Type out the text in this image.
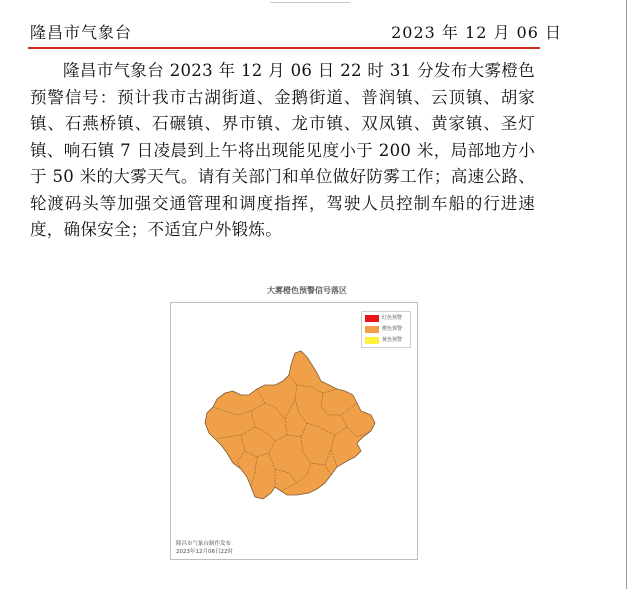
隆昌市气象台	2023 年 12 月 06 日

隆昌市气象台 2023 年 12 月 06 日 22 时 31 分发布大雾橙色预警信号：预计我市古湖街道、金鹅街道、普润镇、云顶镇、胡家镇、石燕桥镇、石碾镇、界市镇、龙市镇、双凤镇、黄家镇、圣灯镇、响石镇 7 日凌晨到上午将出现能见度小于 200 米，局部地方小于 50 米的大雾天气。请有关部门和单位做好防雾工作；高速公路、轮渡码头等加强交通管理和调度指挥，驾驶人员控制车船的行进速度，确保安全；不适宜户外锻炼。

大雾橙色预警信号落区
红色预警
橙色预警
黄色预警
隆昌市气象台制作发布
2023年12月06日22时
